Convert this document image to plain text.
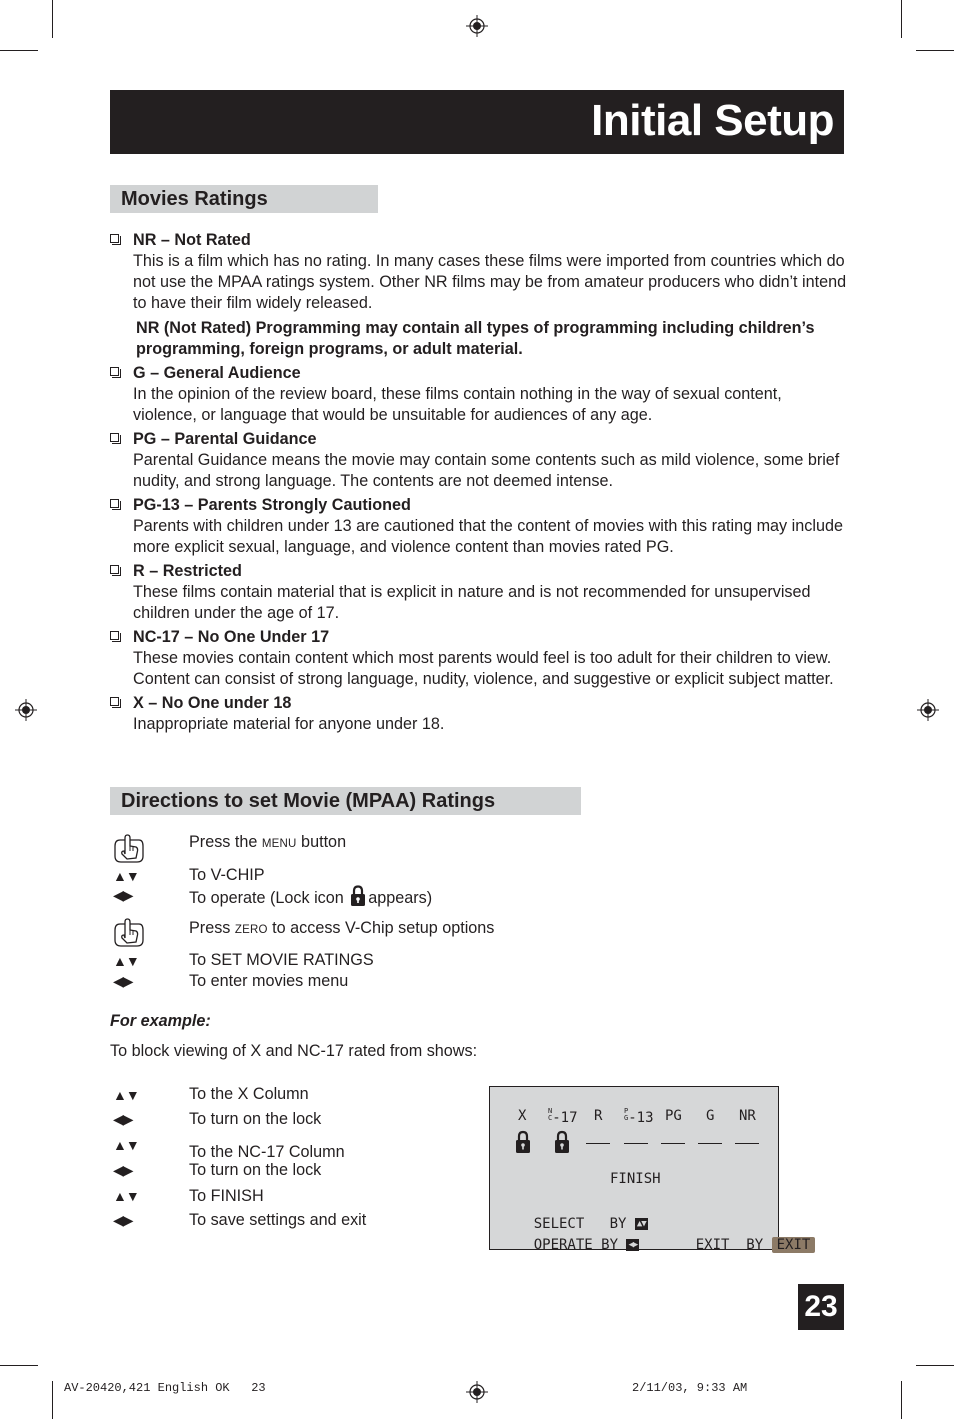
Initial Setup
Movies Ratings
NR – Not Rated
This is a film which has no rating. In many cases these films were imported from countries which do not use the MPAA ratings system. Other NR films may be from amateur producers who didn’t intend to have their film widely released.
NR (Not Rated) Programming may contain all types of programming including children’s programming, foreign programs, or adult material.
G – General Audience
In the opinion of the review board, these films contain nothing in the way of sexual content, violence, or language that would be unsuitable for audiences of any age.
PG – Parental Guidance
Parental Guidance means the movie may contain some contents such as mild violence, some brief nudity, and strong language. The contents are not deemed intense.
PG-13 – Parents Strongly Cautioned
Parents with children under 13 are cautioned that the content of movies with this rating may include more explicit sexual, language, and violence content than movies rated PG.
R – Restricted
These films contain material that is explicit in nature and is not recommended for unsupervised children under the age of 17.
NC-17 – No One Under 17
These movies contain content which most parents would feel is too adult for their children to view. Content can consist of strong language, nudity, violence, and suggestive or explicit subject matter.
X – No One under 18
Inappropriate material for anyone under 18.
Directions to set Movie (MPAA) Ratings
Press the MENU button
▲▼	To V-CHIP
◀▶	To operate (Lock icon appears)
Press ZERO to access V-Chip setup options
▲▼	To SET MOVIE RATINGS
◀▶	To enter movies menu
For example:
To block viewing of X and NC-17 rated from shows:
▲▼	To the X Column
◀▶	To turn on the lock
▲▼	To the NC-17 Column
◀▶	To turn on the lock
▲▼	To FINISH
◀▶	To save settings and exit
X	N
C-17 R	P
G-13 PG G NR
FINISH

SELECT   BY ▲▼

OPERATE BY ◀▶
	EXIT  BY EXIT

23
AV-20420,421 English OK   23	2/11/03, 9:33 AM
